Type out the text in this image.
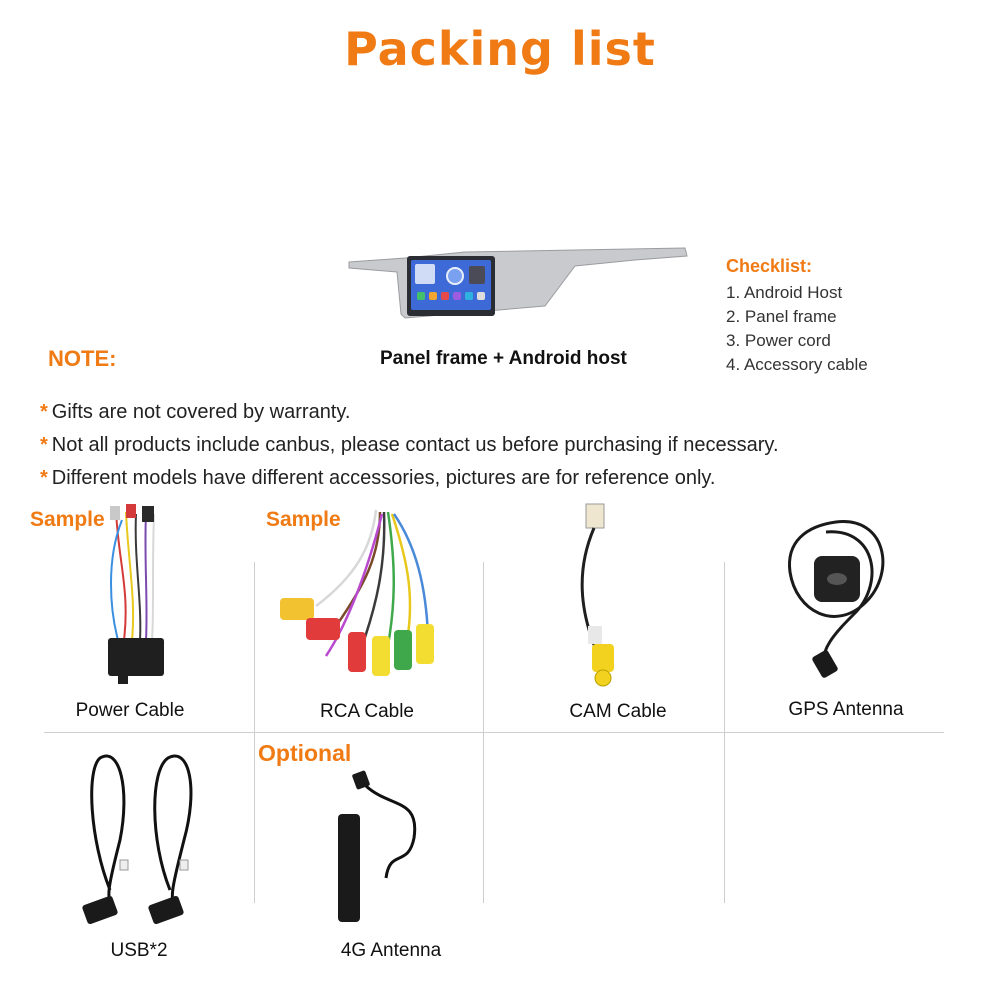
Packing list
Panel frame + Android host
Checklist:
1. Android Host
2. Panel frame
3. Power cord
4. Accessory cable
NOTE:
* Gifts are not covered by warranty.
* Not all products include canbus, please contact us before purchasing if necessary.
* Different models have different accessories, pictures are for reference only.
Sample	Sample
Optional
Power Cable	RCA Cable	CAM Cable	GPS Antenna
USB*2	4G Antenna
